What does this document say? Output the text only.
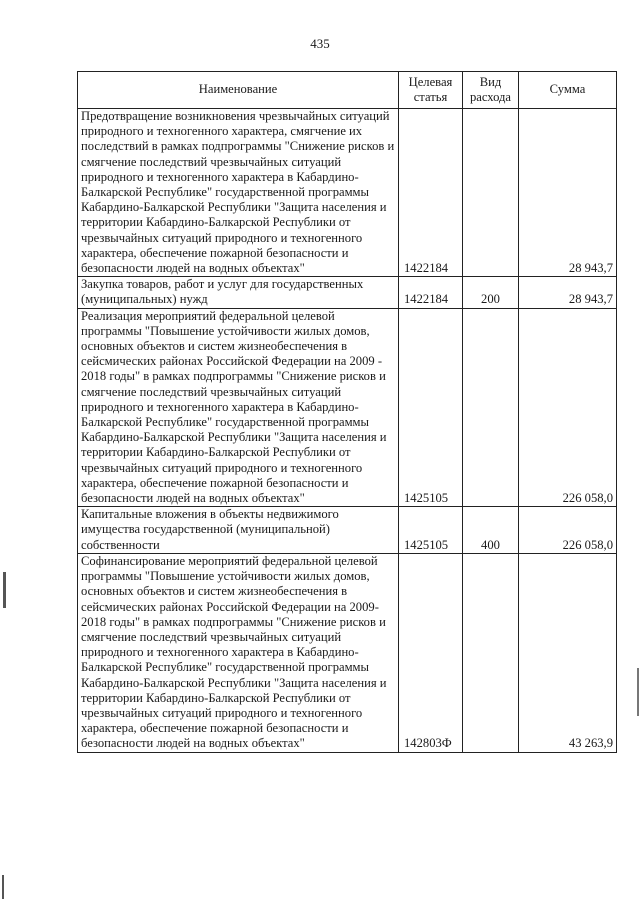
435
Наименование	Целевая статья	Вид расхода	Сумма
Предотвращение возникновения чрезвычайных ситуаций природного и техногенного характера, смягчение их последствий в рамках подпрограммы "Снижение рисков и смягчение последствий чрезвычайных ситуаций природного и техногенного характера в Кабардино-Балкарской Республике" государственной программы Кабардино-Балкарской Республики "Защита населения и территории Кабардино-Балкарской Республики от чрезвычайных ситуаций природного и техногенного характера, обеспечение пожарной безопасности и безопасности людей на водных объектах"	1422184		28 943,7
Закупка товаров, работ и услуг для государственных (муниципальных) нужд	1422184	200	28 943,7
Реализация мероприятий федеральной целевой программы "Повышение устойчивости жилых домов, основных объектов и систем жизнеобеспечения в сейсмических районах Российской Федерации на 2009 - 2018 годы" в рамках подпрограммы "Снижение рисков и смягчение последствий чрезвычайных ситуаций природного и техногенного характера в Кабардино-Балкарской Республике" государственной программы Кабардино-Балкарской Республики "Защита населения и территории Кабардино-Балкарской Республики от чрезвычайных ситуаций природного и техногенного характера, обеспечение пожарной безопасности и безопасности людей на водных объектах"	1425105		226 058,0
Капитальные вложения в объекты недвижимого имущества государственной (муниципальной) собственности	1425105	400	226 058,0
Софинансирование мероприятий федеральной целевой программы "Повышение устойчивости жилых домов, основных объектов и систем жизнеобеспечения в сейсмических районах Российской Федерации на 2009-2018 годы" в рамках подпрограммы "Снижение рисков и смягчение последствий чрезвычайных ситуаций природного и техногенного характера в Кабардино-Балкарской Республике" государственной программы Кабардино-Балкарской Республики "Защита населения и территории Кабардино-Балкарской Республики от чрезвычайных ситуаций природного и техногенного характера, обеспечение пожарной безопасности и безопасности людей на водных объектах"	142803Ф		43 263,9
